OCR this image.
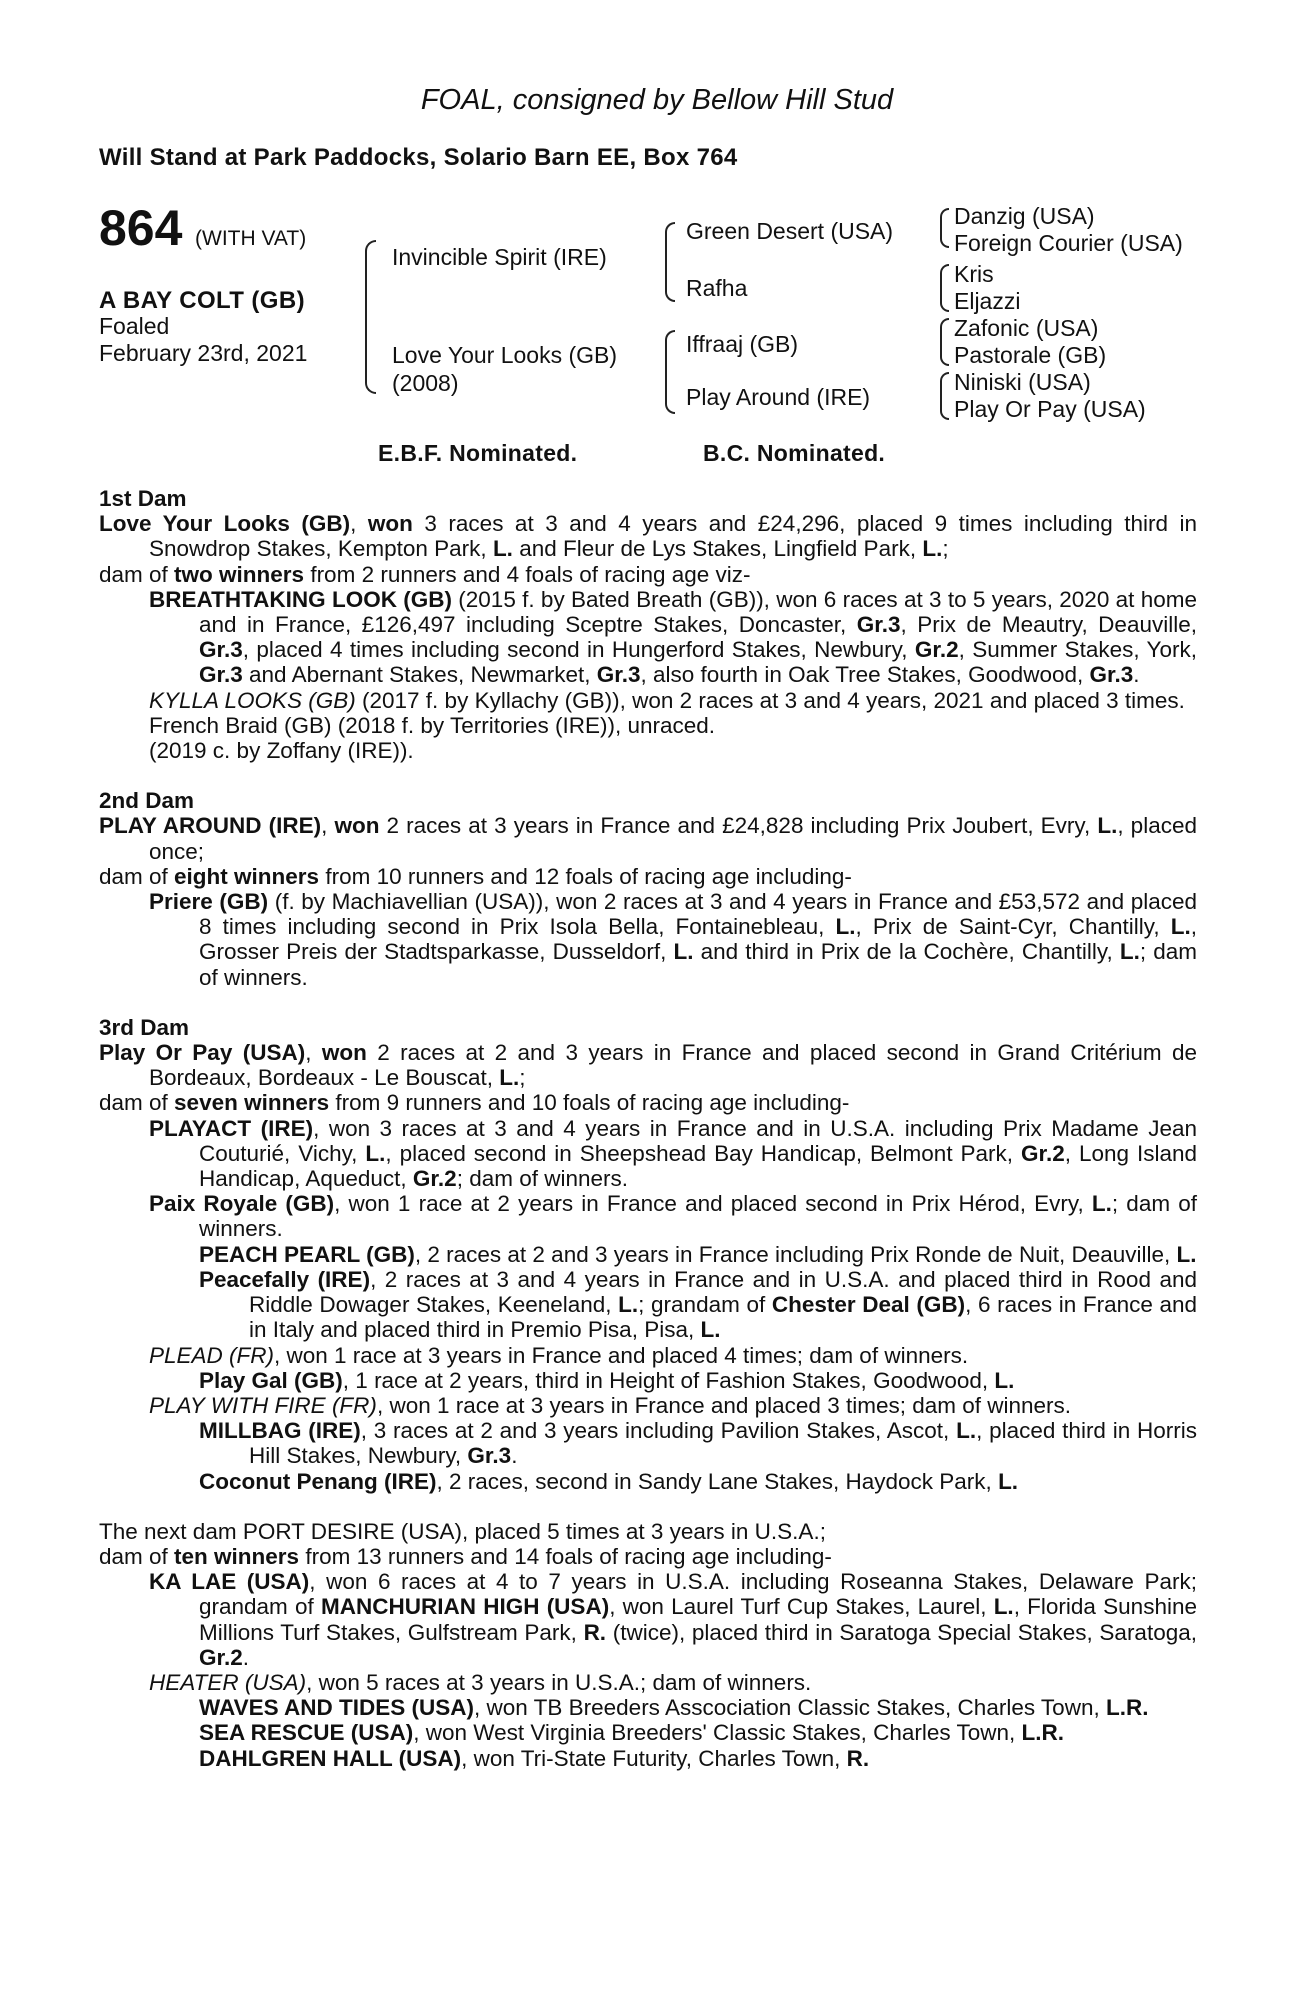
FOAL, consigned by Bellow Hill Stud
Will Stand at Park Paddocks, Solario Barn EE, Box 764
864 (WITH VAT)
A BAY COLT (GB)
Foaled
February 23rd, 2021
Invincible Spirit (IRE)
Love Your Looks (GB)
(2008)
Green Desert (USA)
Rafha
Iffraaj (GB)
Play Around (IRE)
Danzig (USA)
Foreign Courier (USA)
Kris
Eljazzi
Zafonic (USA)
Pastorale (GB)
Niniski (USA)
Play Or Pay (USA)
E.B.F. Nominated.	B.C. Nominated.

1st Dam

Love Your Looks (GB), won 3 races at 3 and 4 years and £24,296, placed 9 times including third in Snowdrop Stakes, Kempton Park, L. and Fleur de Lys Stakes, Lingfield Park, L.;

dam of two winners from 2 runners and 4 foals of racing age viz-

BREATHTAKING LOOK (GB) (2015 f. by Bated Breath (GB)), won 6 races at 3 to 5 years, 2020 at home and in France, £126,497 including Sceptre Stakes, Doncaster, Gr.3, Prix de Meautry, Deauville, Gr.3, placed 4 times including second in Hungerford Stakes, Newbury, Gr.2, Summer Stakes, York, Gr.3 and Abernant Stakes, Newmarket, Gr.3, also fourth in Oak Tree Stakes, Goodwood, Gr.3.

KYLLA LOOKS (GB) (2017 f. by Kyllachy (GB)), won 2 races at 3 and 4 years, 2021 and placed 3 times.

French Braid (GB) (2018 f. by Territories (IRE)), unraced.

(2019 c. by Zoffany (IRE)).

2nd Dam

PLAY AROUND (IRE), won 2 races at 3 years in France and £24,828 including Prix Joubert, Evry, L., placed once;

dam of eight winners from 10 runners and 12 foals of racing age including-

Priere (GB) (f. by Machiavellian (USA)), won 2 races at 3 and 4 years in France and £53,572 and placed 8 times including second in Prix Isola Bella, Fontainebleau, L., Prix de Saint-Cyr, Chantilly, L., Grosser Preis der Stadtsparkasse, Dusseldorf, L. and third in Prix de la Cochère, Chantilly, L.; dam of winners.

3rd Dam

Play Or Pay (USA), won 2 races at 2 and 3 years in France and placed second in Grand Critérium de Bordeaux, Bordeaux - Le Bouscat, L.;

dam of seven winners from 9 runners and 10 foals of racing age including-

PLAYACT (IRE), won 3 races at 3 and 4 years in France and in U.S.A. including Prix Madame Jean Couturié, Vichy, L., placed second in Sheepshead Bay Handicap, Belmont Park, Gr.2, Long Island Handicap, Aqueduct, Gr.2; dam of winners.

Paix Royale (GB), won 1 race at 2 years in France and placed second in Prix Hérod, Evry, L.; dam of winners.

PEACH PEARL (GB), 2 races at 2 and 3 years in France including Prix Ronde de Nuit, Deauville, L.

Peacefally (IRE), 2 races at 3 and 4 years in France and in U.S.A. and placed third in Rood and Riddle Dowager Stakes, Keeneland, L.; grandam of Chester Deal (GB), 6 races in France and in Italy and placed third in Premio Pisa, Pisa, L.

PLEAD (FR), won 1 race at 3 years in France and placed 4 times; dam of winners.

Play Gal (GB), 1 race at 2 years, third in Height of Fashion Stakes, Goodwood, L.

PLAY WITH FIRE (FR), won 1 race at 3 years in France and placed 3 times; dam of winners.

MILLBAG (IRE), 3 races at 2 and 3 years including Pavilion Stakes, Ascot, L., placed third in Horris Hill Stakes, Newbury, Gr.3.

Coconut Penang (IRE), 2 races, second in Sandy Lane Stakes, Haydock Park, L.

The next dam PORT DESIRE (USA), placed 5 times at 3 years in U.S.A.;

dam of ten winners from 13 runners and 14 foals of racing age including-

KA LAE (USA), won 6 races at 4 to 7 years in U.S.A. including Roseanna Stakes, Delaware Park; grandam of MANCHURIAN HIGH (USA), won Laurel Turf Cup Stakes, Laurel, L., Florida Sunshine Millions Turf Stakes, Gulfstream Park, R. (twice), placed third in Saratoga Special Stakes, Saratoga, Gr.2.

HEATER (USA), won 5 races at 3 years in U.S.A.; dam of winners.

WAVES AND TIDES (USA), won TB Breeders Asscociation Classic Stakes, Charles Town, L.R.

SEA RESCUE (USA), won West Virginia Breeders' Classic Stakes, Charles Town, L.R.

DAHLGREN HALL (USA), won Tri-State Futurity, Charles Town, R.
